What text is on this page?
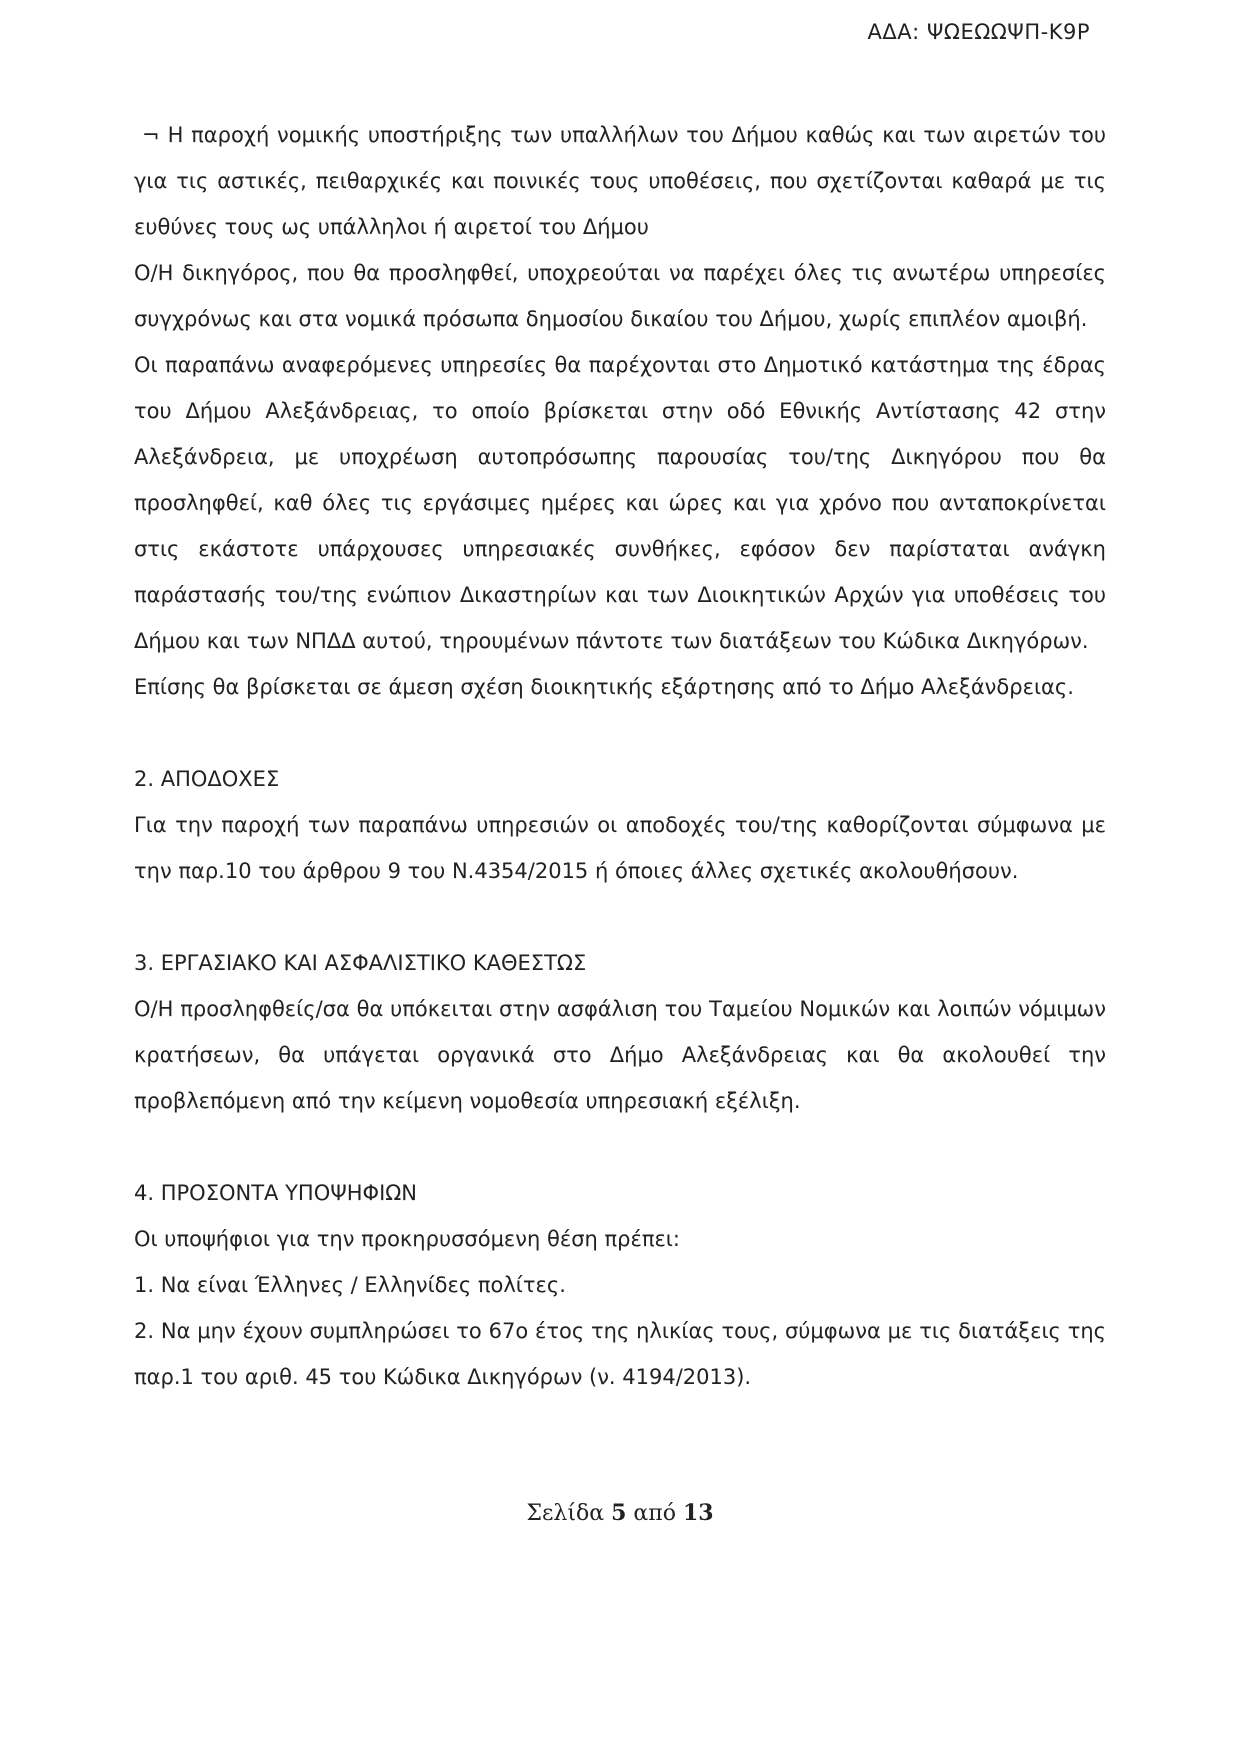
ΑΔΑ: ΨΩΕΩΩΨΠ-Κ9Ρ

¬ Η παροχή νομικής υποστήριξης των υπαλλήλων του Δήμου καθώς και των αιρετών του για τις αστικές, πειθαρχικές και ποινικές τους υποθέσεις, που σχετίζονται καθαρά με τις ευθύνες τους ως υπάλληλοι ή αιρετοί του Δήμου

Ο/Η δικηγόρος, που θα προσληφθεί, υποχρεούται να παρέχει όλες τις ανωτέρω υπηρεσίες συγχρόνως και στα νομικά πρόσωπα δημοσίου δικαίου του Δήμου, χωρίς επιπλέον αμοιβή.

Οι παραπάνω αναφερόμενες υπηρεσίες θα παρέχονται στο Δημοτικό κατάστημα της έδρας του Δήμου Αλεξάνδρειας, το οποίο βρίσκεται στην οδό Εθνικής Αντίστασης 42 στην Αλεξάνδρεια, με υποχρέωση αυτοπρόσωπης παρουσίας του/της Δικηγόρου που θα προσληφθεί, καθ όλες τις εργάσιμες ημέρες και ώρες και για χρόνο που ανταποκρίνεται στις εκάστοτε υπάρχουσες υπηρεσιακές συνθήκες, εφόσον δεν παρίσταται ανάγκη παράστασής του/της ενώπιον Δικαστηρίων και των Διοικητικών Αρχών για υποθέσεις του Δήμου και των ΝΠΔΔ αυτού, τηρουμένων πάντοτε των διατάξεων του Κώδικα Δικηγόρων.

Επίσης θα βρίσκεται σε άμεση σχέση διοικητικής εξάρτησης από το Δήμο Αλεξάνδρειας.

2. ΑΠΟΔΟΧΕΣ

Για την παροχή των παραπάνω υπηρεσιών οι αποδοχές του/της καθορίζονται σύμφωνα με την παρ.10 του άρθρου 9 του Ν.4354/2015 ή όποιες άλλες σχετικές ακολουθήσουν.

3. ΕΡΓΑΣΙΑΚΟ ΚΑΙ ΑΣΦΑΛΙΣΤΙΚΟ ΚΑΘΕΣΤΩΣ

Ο/Η προσληφθείς/σα θα υπόκειται στην ασφάλιση του Ταμείου Νομικών και λοιπών νόμιμων κρατήσεων, θα υπάγεται οργανικά στο Δήμο Αλεξάνδρειας και θα ακολουθεί την προβλεπόμενη από την κείμενη νομοθεσία υπηρεσιακή εξέλιξη.

4. ΠΡΟΣΟΝΤΑ ΥΠΟΨΗΦΙΩΝ

Οι υποψήφιοι για την προκηρυσσόμενη θέση πρέπει:

1. Να είναι Έλληνες / Ελληνίδες πολίτες.

2. Να μην έχουν συμπληρώσει το 67ο έτος της ηλικίας τους, σύμφωνα με τις διατάξεις της παρ.1 του αριθ. 45 του Κώδικα Δικηγόρων (ν. 4194/2013).

Σελίδα 5 από 13
